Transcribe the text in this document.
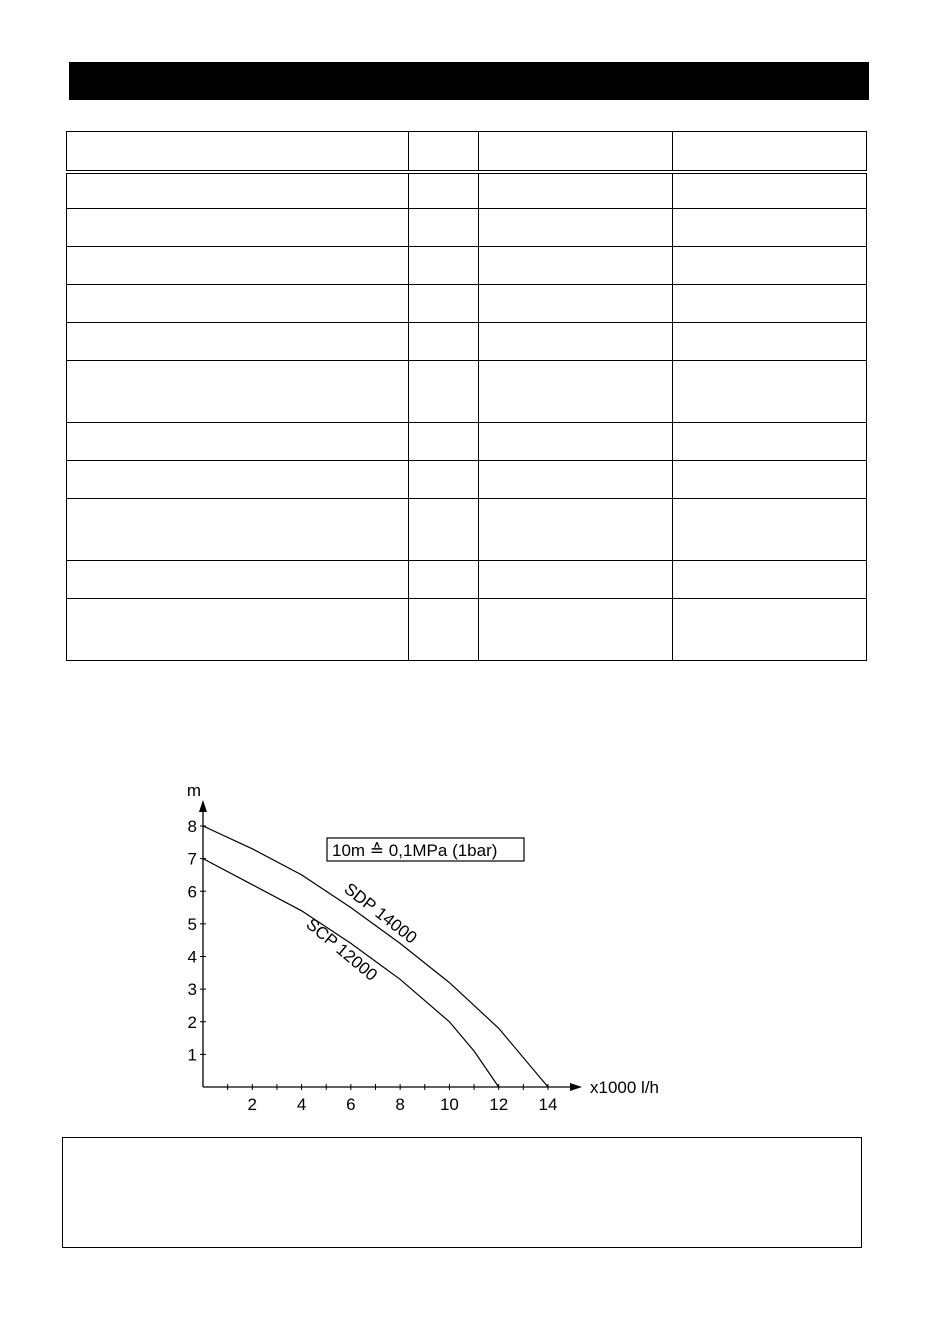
2 4 6 8 10 12 14
1
2
3
4
5
6
7
8
m
x1000 l/h
10m ≙ 0,1MPa (1bar)
SDP 14000
SCP 12000
